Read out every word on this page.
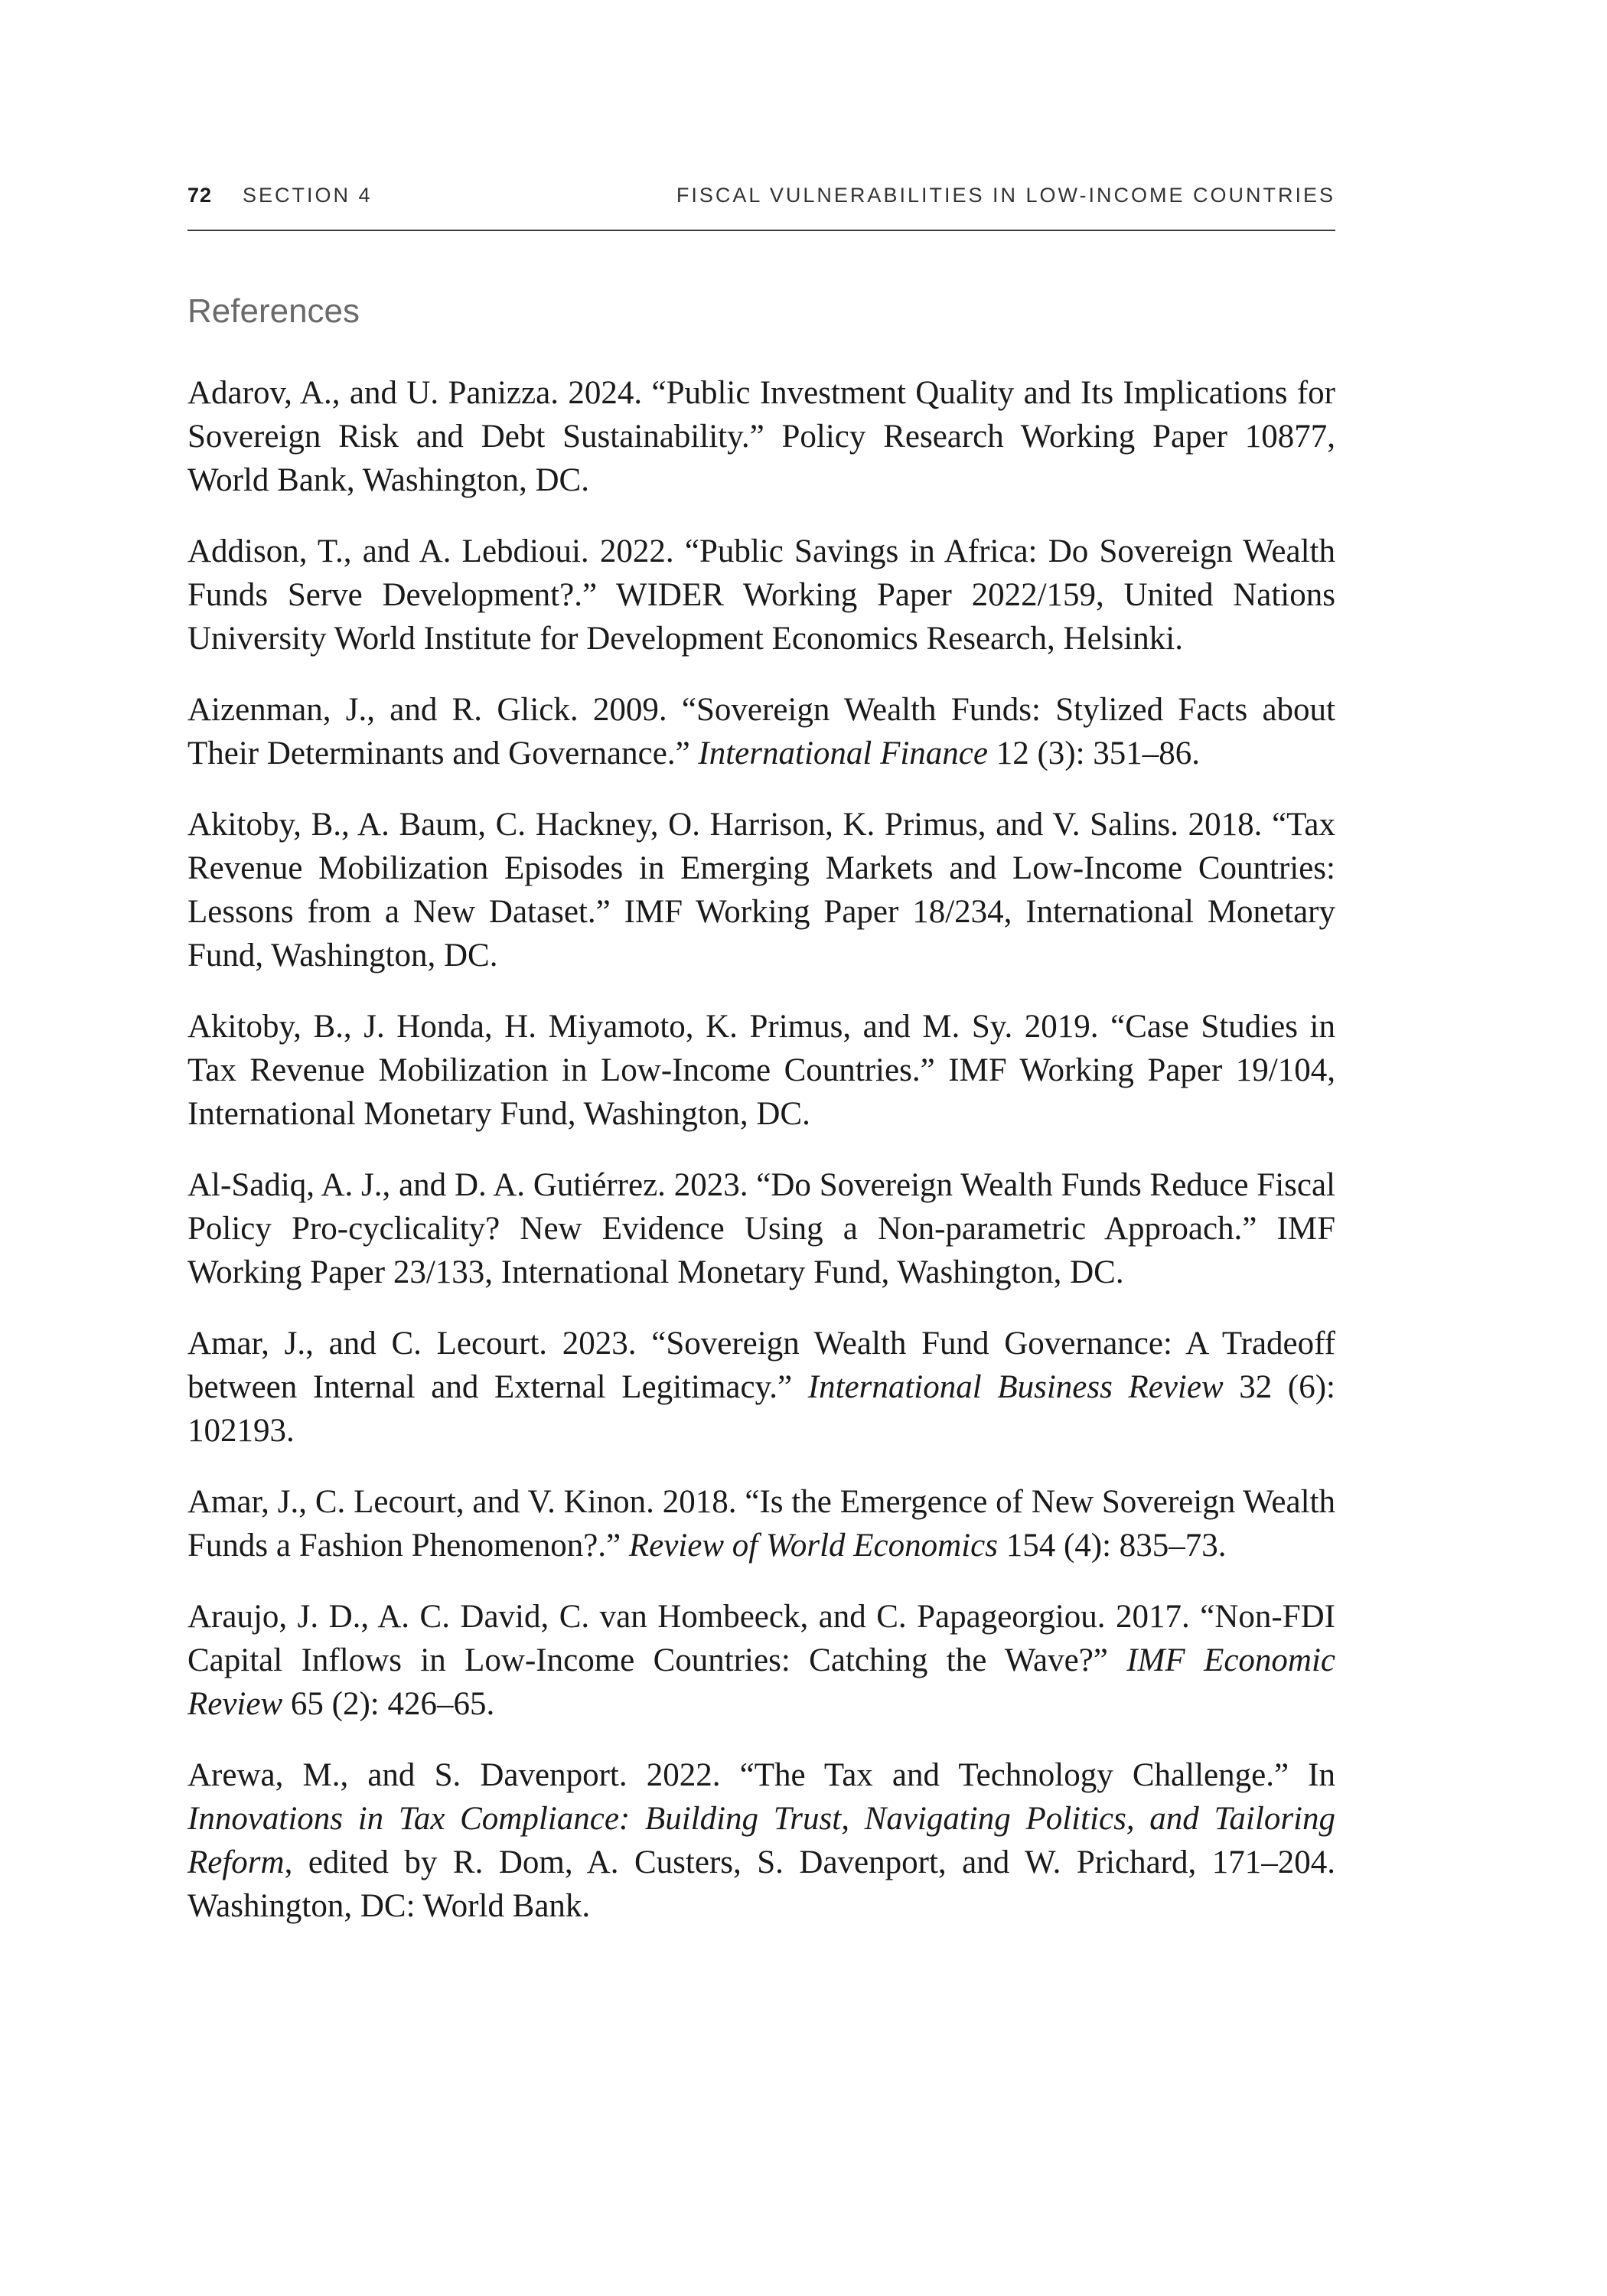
72 SECTION 4	FISCAL VULNERABILITIES IN LOW-INCOME COUNTRIES
References
Adarov, A., and U. Panizza. 2024. “Public Investment Quality and Its Implications for Sovereign Risk and Debt Sustainability.” Policy Research Working Paper 10877, World Bank, Washington, DC.
Addison, T., and A. Lebdioui. 2022. “Public Savings in Africa: Do Sovereign Wealth Funds Serve Development?.” WIDER Working Paper 2022/159, United Nations University World Institute for Development Economics Research, Helsinki.
Aizenman, J., and R. Glick. 2009. “Sovereign Wealth Funds: Stylized Facts about Their Determinants and Governance.” International Finance 12 (3): 351–86.
Akitoby, B., A. Baum, C. Hackney, O. Harrison, K. Primus, and V. Salins. 2018. “Tax Revenue Mobilization Episodes in Emerging Markets and Low-Income Countries: Lessons from a New Dataset.” IMF Working Paper 18/234, International Monetary Fund, Washington, DC.
Akitoby, B., J. Honda, H. Miyamoto, K. Primus, and M. Sy. 2019. “Case Studies in Tax Revenue Mobilization in Low-Income Countries.” IMF Working Paper 19/104, International Monetary Fund, Washington, DC.
Al-Sadiq, A. J., and D. A. Gutiérrez. 2023. “Do Sovereign Wealth Funds Reduce Fiscal Policy Pro-cyclicality? New Evidence Using a Non-parametric Approach.” IMF Working Paper 23/133, International Monetary Fund, Washington, DC.
Amar, J., and C. Lecourt. 2023. “Sovereign Wealth Fund Governance: A Tradeoff between Internal and External Legitimacy.” International Business Review 32 (6): 102193.
Amar, J., C. Lecourt, and V. Kinon. 2018. “Is the Emergence of New Sovereign Wealth Funds a Fashion Phenomenon?.” Review of World Economics 154 (4): 835–73.
Araujo, J. D., A. C. David, C. van Hombeeck, and C. Papageorgiou. 2017. “Non-FDI Capital Inflows in Low-Income Countries: Catching the Wave?” IMF Economic Review 65 (2): 426–65.
Arewa, M., and S. Davenport. 2022. “The Tax and Technology Challenge.” In Innovations in Tax Compliance: Building Trust, Navigating Politics, and Tailoring Reform, edited by R. Dom, A. Custers, S. Davenport, and W. Prichard, 171–204. Washington, DC: World Bank.
